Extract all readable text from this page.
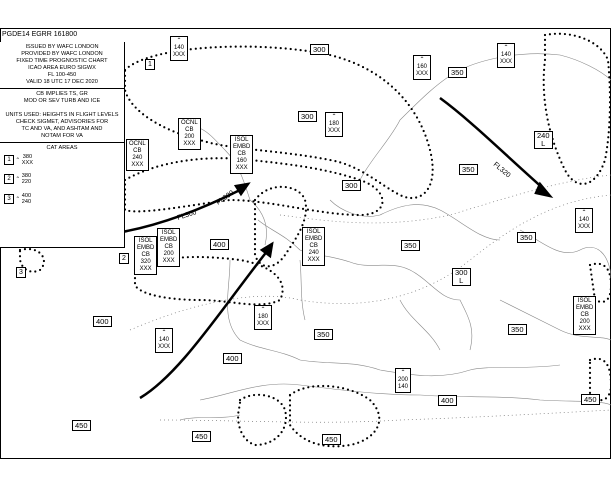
FL300
FL300
FL320
PGDE14 EGRR 161800
ISSUED BY WAFC LONDON
PROVIDED BY WAFC LONDON
FIXED TIME PROGNOSTIC CHART
ICAO AREA EURO SIGWX
FL 100-450
VALID 18 UTC 17 DEC 2020
CB IMPLIES TS, GR
MOD OR SEV TURB AND ICE
UNITS USED: HEIGHTS IN FLIGHT LEVELS
CHECK SIGMET, ADVISORIES FOR
TC AND VA, AND ASHTAM AND
NOTAM FOR VA
CAT AREAS
1 ⌃ 380
XXX
2 ⌃ 380
220
3 ⌃ 400
240
300
350
300
300
350
350
400
350
350
400
400
350
400
450
450	450
450
240
L
300
L
1
2
3
⌃
140
XXX
⌃
160
XXX
⌃
140
XXX
⌃
180
XXX
⌃
140
XXX
⌃
180
XXX
⌃
140
XXX
⌃
200
140
OCNL
CB
240
XXX
OCNL
CB
200
XXX
ISOL
EMBD
CB
160
XXX
ISOL
EMBD
CB
320
XXX
ISOL
EMBD
CB
200
XXX
ISOL
EMBD
CB
240
XXX
ISOL
EMBD
CB
200
XXX
